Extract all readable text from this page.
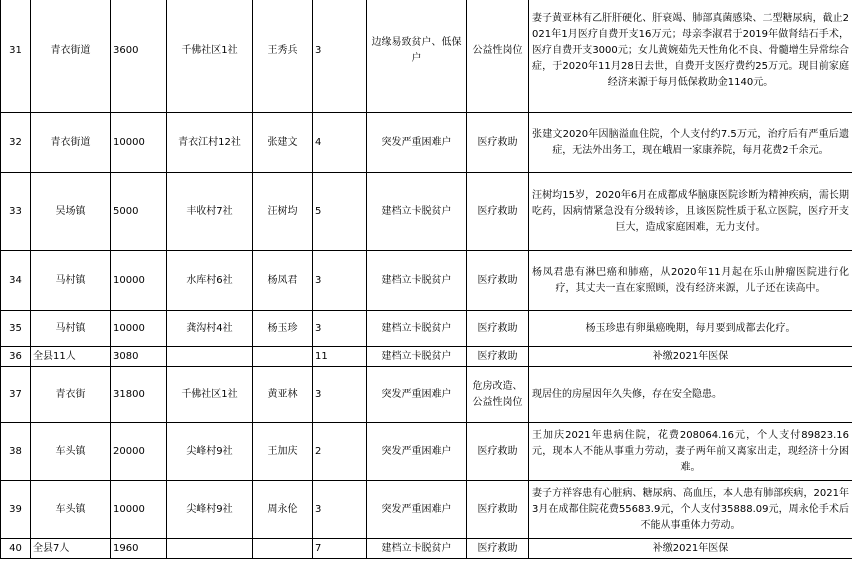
31	青衣街道	3600	千佛社区1社	王秀兵	3	边缘易致贫户、低保户	公益性岗位	妻子黄亚林有乙肝肝硬化、肝衰竭、肺部真菌感染、二型糖尿病，截止2021年1月医疗自费开支16万元；母亲李淑君于2019年做肾结石手术，医疗自费开支3000元；女儿黄婉茹先天性角化不良、骨髓增生异常综合症，于2020年11月28日去世，自费开支医疗费约25万元。现目前家庭经济来源于每月低保救助金1140元。
32	青衣街道	10000	青衣江村12社	张建文	4	突发严重困难户	医疗救助	张建文2020年因脑溢血住院，个人支付约7.5万元，治疗后有严重后遗症，无法外出务工，现在峨眉一家康养院，每月花费2千余元。
33	吴场镇	5000	丰收村7社	汪树均	5	建档立卡脱贫户	医疗救助	汪树均15岁，2020年6月在成都成华脑康医院诊断为精神疾病，需长期吃药，因病情紧急没有分级转诊，且该医院性质于私立医院，医疗开支巨大，造成家庭困难，无力支付。
34	马村镇	10000	水库村6社	杨凤君	3	建档立卡脱贫户	医疗救助	杨凤君患有淋巴癌和肺癌，从2020年11月起在乐山肿瘤医院进行化疗，其丈夫一直在家照顾，没有经济来源，儿子还在读高中。
35	马村镇	10000	龚沟村4社	杨玉珍	3	建档立卡脱贫户	医疗救助	杨玉珍患有卵巢癌晚期，每月要到成都去化疗。
36	全县11人	3080			11	建档立卡脱贫户	医疗救助	补缴2021年医保
37	青衣街	31800	千佛社区1社	黄亚林	3	突发严重困难户	危房改造、公益性岗位	现居住的房屋因年久失修，存在安全隐患。
38	车头镇	20000	尖峰村9社	王加庆	2	突发严重困难户	医疗救助	王加庆2021年患病住院，花费208064.16元，个人支付89823.16元，现本人不能从事重力劳动，妻子两年前又离家出走，现经济十分困难。
39	车头镇	10000	尖峰村9社	周永伦	3	突发严重困难户	医疗救助	妻子方祥容患有心脏病、糖尿病、高血压，本人患有肺部疾病，2021年3月在成都住院花费55683.9元，个人支付35888.09元，周永伦手术后不能从事重体力劳动。
40	全县7人	1960			7	建档立卡脱贫户	医疗救助	补缴2021年医保
